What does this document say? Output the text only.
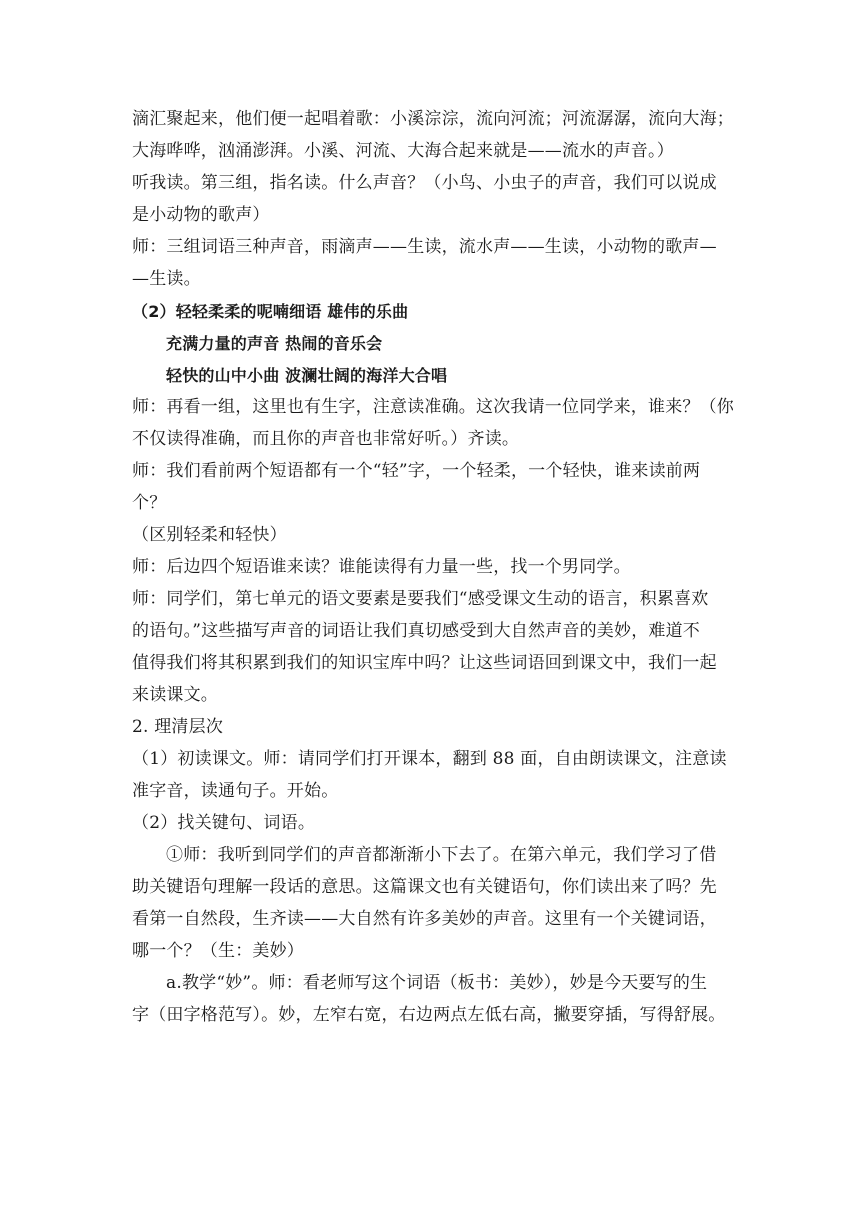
滴汇聚起来，他们便一起唱着歌：小溪淙淙，流向河流；河流潺潺，流向大海；
大海哗哗，汹涌澎湃。小溪、河流、大海合起来就是——流水的声音。）
听我读。第三组，指名读。什么声音？（小鸟、小虫子的声音，我们可以说成
是小动物的歌声）
师：三组词语三种声音，雨滴声——生读，流水声——生读，小动物的歌声—
—生读。
（2）轻轻柔柔的呢喃细语 雄伟的乐曲
充满力量的声音 热闹的音乐会
轻快的山中小曲 波澜壮阔的海洋大合唱
师：再看一组，这里也有生字，注意读准确。这次我请一位同学来，谁来？（你
不仅读得准确，而且你的声音也非常好听。）齐读。
师：我们看前两个短语都有一个“轻”字，一个轻柔，一个轻快，谁来读前两
个？
（区别轻柔和轻快）
师：后边四个短语谁来读？谁能读得有力量一些，找一个男同学。
师：同学们，第七单元的语文要素是要我们“感受课文生动的语言，积累喜欢
的语句。”这些描写声音的词语让我们真切感受到大自然声音的美妙，难道不
值得我们将其积累到我们的知识宝库中吗？让这些词语回到课文中，我们一起
来读课文。
2. 理清层次
（1）初读课文。师：请同学们打开课本，翻到 88 面，自由朗读课文，注意读
准字音，读通句子。开始。
（2）找关键句、词语。
①师：我听到同学们的声音都渐渐小下去了。在第六单元，我们学习了借
助关键语句理解一段话的意思。这篇课文也有关键语句，你们读出来了吗？先
看第一自然段，生齐读——大自然有许多美妙的声音。这里有一个关键词语，
哪一个？（生：美妙）
a.教学“妙”。师：看老师写这个词语（板书：美妙），妙是今天要写的生
字（田字格范写）。妙，左窄右宽，右边两点左低右高，撇要穿插，写得舒展。
